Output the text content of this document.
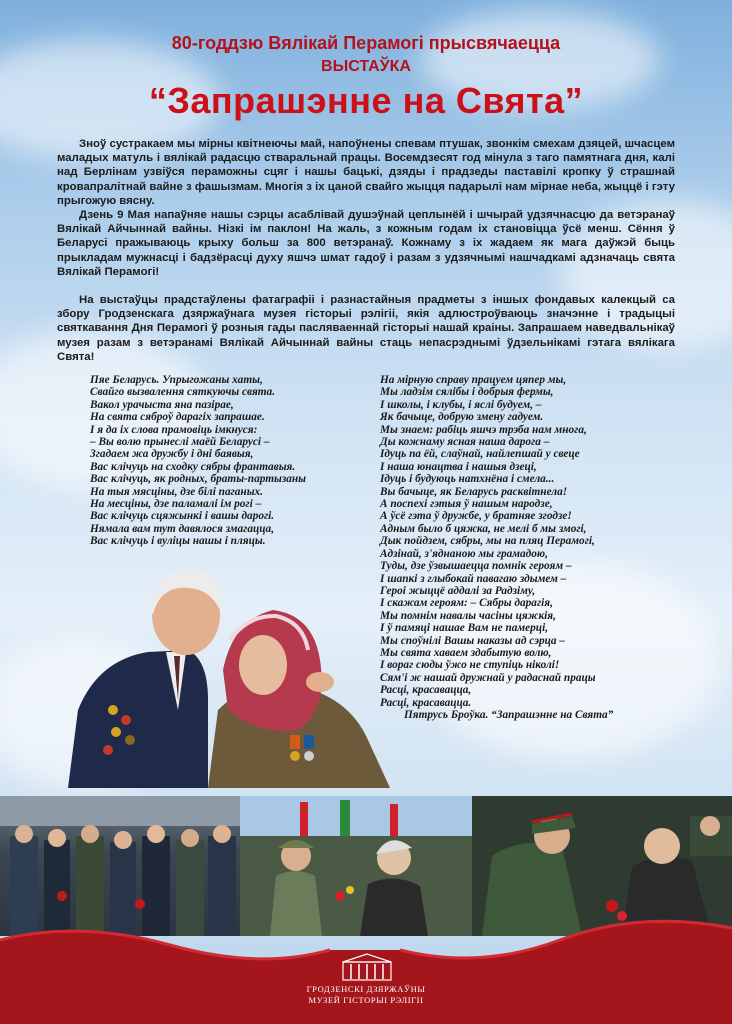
80-годдзю Вялікай Перамогі прысвячаецца
ВЫСТАЎКА
“Запрашэнне на Свята”

Зноў сустракаем мы мірны квітнеючы май, напоўнены спевам птушак, звонкім смехам дзяцей, шчасцем маладых матуль і вялікай радасцю стваральнай працы. Восемдзесят год мінула з таго памятнага дня, калі над Берлінам узвіўся пераможны сцяг і нашы бацькі, дзяды і прадзеды паставілі кропку ў страшнай кровапралітнай вайне з фашызмам. Многія з іх цаной свайго жыцця падарылі нам мірнае неба, жыццё і гэту прыгожую вясну.

Дзень 9 Мая напаўняе нашы сэрцы асаблівай душэўнай цеплынёй і шчырай удзячнасцю да ветэранаў Вялікай Айчыннай вайны. Нізкі ім паклон! На жаль, з кожным годам іх становіцца ўсё менш. Сёння ў Беларусі пражываюць крыху больш за 800 ветэранаў. Кожнаму з іх жадаем як мага даўжэй быць прыкладам мужнасці і бадзёрасці духу яшчэ шмат гадоў і разам з удзячнымі нашчадкамі адзначаць свята Вялікай Перамогі!

На выстаўцы прадстаўлены фатаграфіі і разнастайныя прадметы з іншых фондавых калекцый са збору Гродзенскага дзяржаўнага музея гісторыі рэлігіі, якія адлюстроўваюць значэнне і традыцыі святкавання Дня Перамогі ў розныя гады пасляваеннай гісторыі нашай краіны. Запрашаем наведвальнікаў музея разам з ветэранамі Вялікай Айчыннай вайны стаць непасрэднымі ўдзельнікамі гэтага вялікага Свята!

Пяе Беларусь. Упрыгожаны хаты,
Свайго вызвалення сяткуючы свята.
Вакол урачыста яна пазірае,
На свята сяброў дарагіх запрашае.
І я да іх слова прамовіць імкнуся:
– Вы волю прынеслі маёй Беларусі –
Згадаем жа дружбу і дні баявыя,
Вас клічуць на сходку сябры франтавыя.
Вас клічуць, як родных, браты-партызаны
На тыя мясціны, дзе білі паганых.
На месціны, дзе паламалі ім рогі –
Вас клічуць сцяжынкі і вашы дарогі.
Нямала вам тут давялося змагацца,
Вас клічуць і вуліцы нашы і пляцы.
На мірную справу працуем цяпер мы,
Мы ладзім сялібы і добрыя фермы,
І школы, і клубы, і яслі будуем, –
Як бачыце, добрую змену гадуем.
Мы знаем: рабіць яшчэ трэба нам многа,
Ды кожнаму ясная наша дарога –
Ідуць па ёй, слаўнай, найлепшай у свеце
І наша юнацтва і нашыя дзеці,
Ідуць і будуюць натхнёна і смела...
Вы бачыце, як Беларусь расквітнела!
А поспехі гэтыя ў нашым народзе,
А ўсё гэта ў дружбе, у братняе згодзе!
Адным было б цяжка, не мелі б мы змогі,
Дык пойдзем, сябры, мы на пляц Перамогі,
Адзінай, з'яднаною мы грамадою,
Туды, дзе ўзвышаецца помнік героям –
І шапкі з глыбокай павагаю здымем –
Героі жыццё аддалі за Радзіму,
І скажам героям: – Сябры дарагія,
Мы помнім навалы часіны цяжкія,
І ў памяці нашае Вам не памерці,
Мы споўнілі Вашы наказы ад сэрца –
Мы свята хаваем здабытую волю,
І вораг сюды ўжо не ступіць ніколі!
Сям'і ж нашай дружнай у радаснай працы
Расці, красавацца,
Расці, красавацца.
Пятрусь Броўка. “Запрашэнне на Свята”
ГРОДЗЕНСКІ ДЗЯРЖАЎНЫ
МУЗЕЙ ГІСТОРЫІ РЭЛІГІІ
